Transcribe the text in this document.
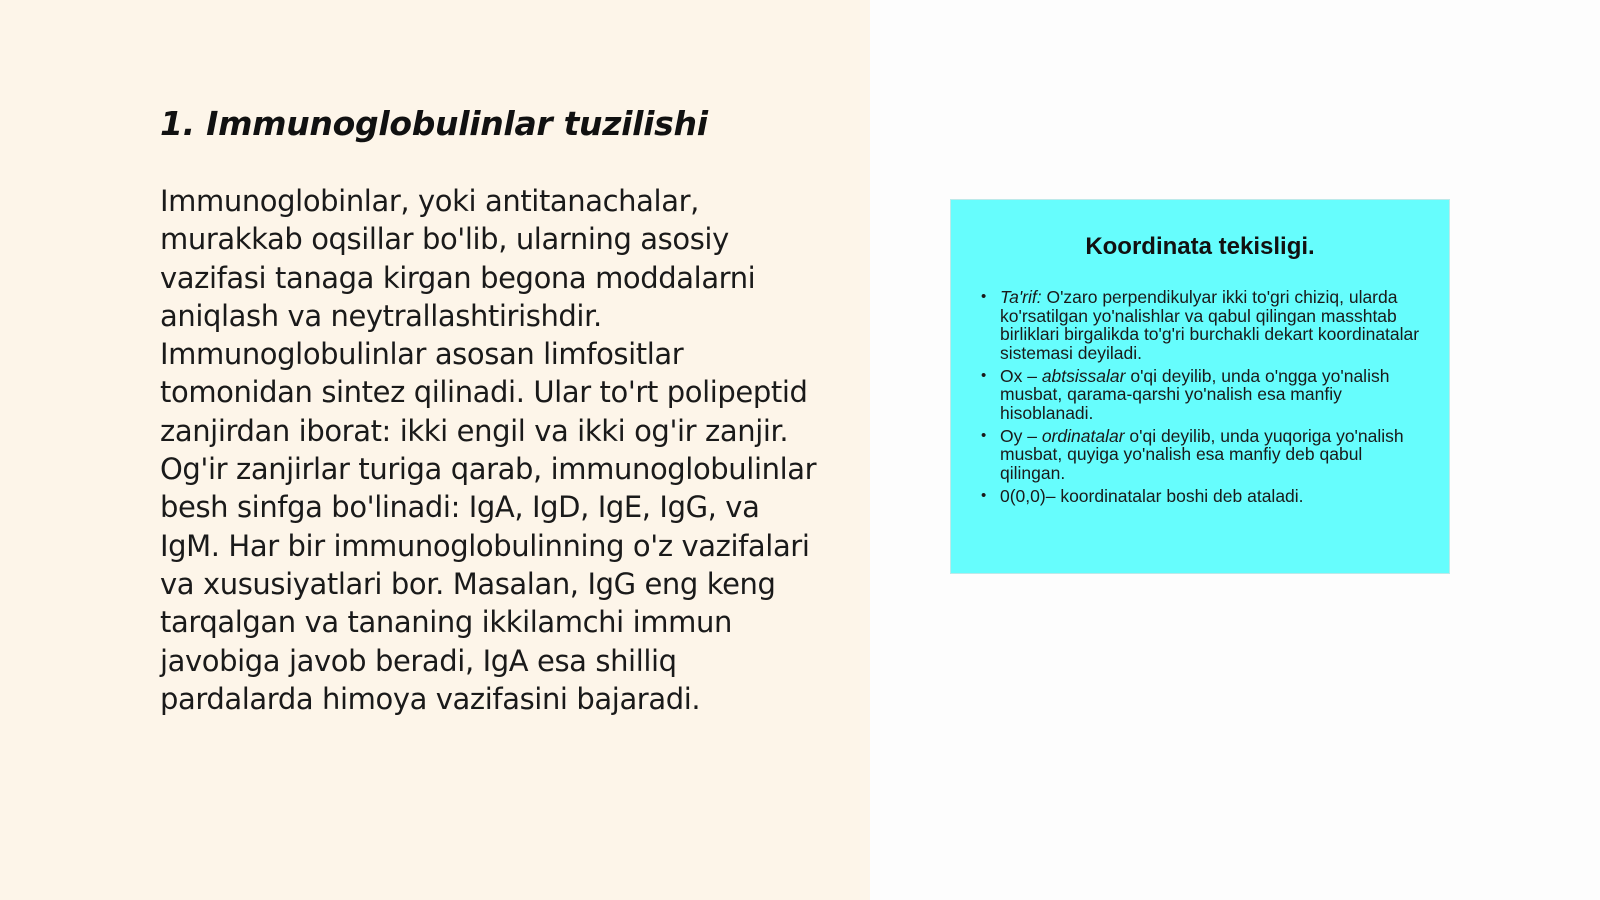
1. Immunoglobulinlar tuzilishi

Immunoglobinlar, yoki antitanachalar, murakkab oqsillar bo'lib, ularning asosiy vazifasi tanaga kirgan begona moddalarni aniqlash va neytrallashtirishdir. Immunoglobulinlar asosan limfositlar tomonidan sintez qilinadi. Ular to'rt polipeptid zanjirdan iborat: ikki engil va ikki og'ir zanjir. Og'ir zanjirlar turiga qarab, immunoglobulinlar besh sinfga bo'linadi: IgA, IgD, IgE, IgG, va IgM. Har bir immunoglobulinning o'z vazifalari va xususiyatlari bor. Masalan, IgG eng keng tarqalgan va tananing ikkilamchi immun javobiga javob beradi, IgA esa shilliq pardalarda himoya vazifasini bajaradi.

Koordinata tekisligi.
• Ta'rif: O'zaro perpendikulyar ikki to'gri chiziq, ularda ko'rsatilgan yo'nalishlar va qabul qilingan masshtab birliklari birgalikda to'g'ri burchakli dekart koordinatalar sistemasi deyiladi.
• Ox – abtsissalar o'qi deyilib, unda o'ngga yo'nalish musbat, qarama-qarshi yo'nalish esa manfiy hisoblanadi.
• Oy – ordinatalar o'qi deyilib, unda yuqoriga yo'nalish musbat, quyiga yo'nalish esa manfiy deb qabul qilingan.
• 0(0,0)– koordinatalar boshi deb ataladi.
